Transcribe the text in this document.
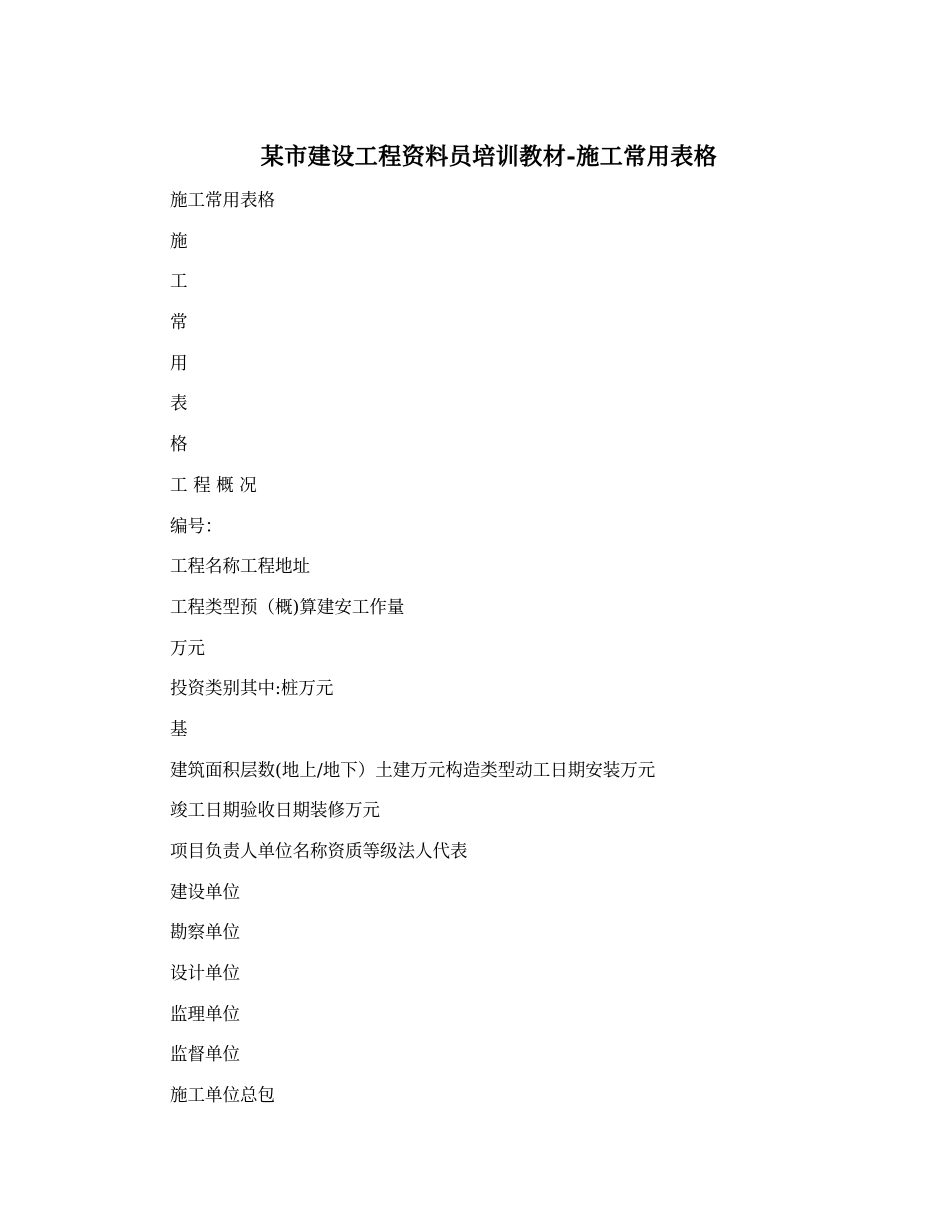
某市建设工程资料员培训教材-施工常用表格
施工常用表格
施
工
常
用
表
格
工 程 概 况
编号：
工程名称工程地址
工程类型预（概)算建安工作量
万元
投资类别其中:桩万元
基
建筑面积层数(地上/地下）土建万元构造类型动工日期安装万元
竣工日期验收日期装修万元
项目负责人单位名称资质等级法人代表
建设单位
勘察单位
设计单位
监理单位
监督单位
施工单位总包
